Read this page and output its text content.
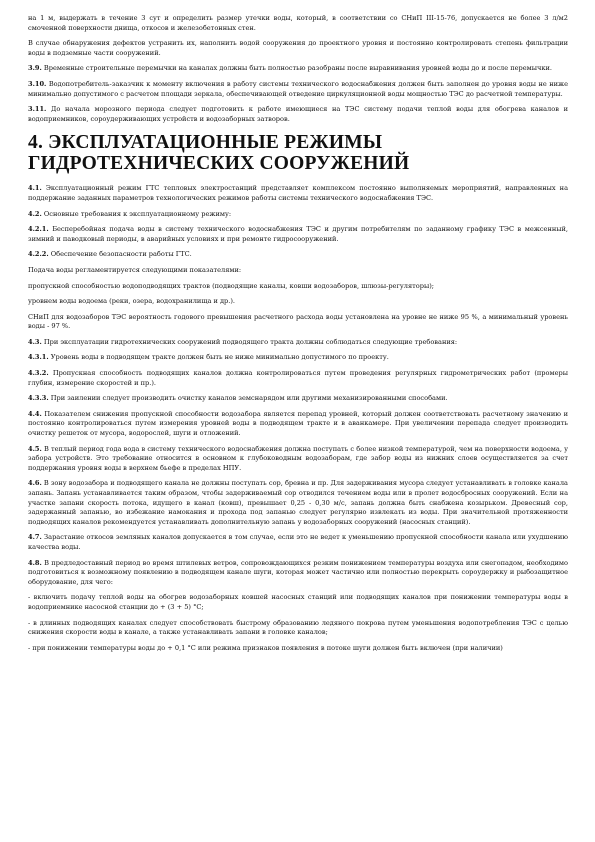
на 1 м, выдержать в течение 3 сут и определить размер утечки воды, который, в соответствии со СНиП III-15-76, допускается не более 3 л/м2 смоченной поверхности днища, откосов и железобетонных стен.

В случае обнаружения дефектов устранить их, наполнить водой сооружения до проектного уровня и постоянно контролировать степень фильтрации воды в подземные части сооружений.

3.9. Временные строительные перемычки на каналах должны быть полностью разобраны после выравнивания уровней воды до и после перемычки.

3.10. Водопотребитель-заказчик к моменту включения в работу системы технического водоснабжения должен быть заполнен до уровня воды не ниже минимально допустимого с расчетом площади зеркала, обеспечивающей отведение циркуляционной воды мощностью ТЭС до расчетной температуры.

3.11. До начала морозного периода следует подготовить к работе имеющиеся на ТЭС систему подачи теплой воды для обогрева каналов и водоприемников, сороудерживающих устройств и водозаборных затворов.

4. ЭКСПЛУАТАЦИОННЫЕ РЕЖИМЫ ГИДРОТЕХНИЧЕСКИХ СООРУЖЕНИЙ

4.1. Эксплуатационный режим ГТС тепловых электростанций представляет комплексом постоянно выполняемых мероприятий, направленных на поддержание заданных параметров технологических режимов работы системы технического водоснабжения ТЭС.

4.2. Основные требования к эксплуатационному режиму:

4.2.1. Бесперебойная подача воды в систему технического водоснабжения ТЭС и другим потребителям по заданному графику ТЭС в межсенный, зимний и паводковый периоды, в аварийных условиях и при ремонте гидросооружений.

4.2.2. Обеспечение безопасности работы ГТС.

Подача воды регламентируется следующими показателями:

пропускной способностью водоподводящих трактов (подводящие каналы, ковши водозаборов, шлюзы-регуляторы);

уровнем воды водоема (реки, озера, водохранилища и др.).

СНиП для водозаборов ТЭС вероятность годового превышения расчетного расхода воды установлена на уровне не ниже 95 %, а минимальный уровень воды - 97 %.

4.3. При эксплуатации гидротехнических сооружений подводящего тракта должны соблюдаться следующие требования:

4.3.1. Уровень воды в подводящем тракте должен быть не ниже минимально допустимого по проекту.

4.3.2. Пропускная способность подводящих каналов должна контролироваться путем проведения регулярных гидрометрических работ (промеры глубин, измерение скоростей и пр.).

4.3.3. При заилении следует производить очистку каналов земснарядом или другими механизированными способами.

4.4. Показателем снижения пропускной способности водозабора является перепад уровней, который должен соответствовать расчетному значению и постоянно контролироваться путем измерения уровней воды в подводящем тракте и в аванкамере. При увеличении перепада следует производить очистку решеток от мусора, водорослей, шуги и отложений.

4.5. В теплый период года вода в систему технического водоснабжения должна поступать с более низкой температурой, чем на поверхности водоема, у забора устройств. Это требование относится в основном к глубоководным водозаборам, где забор воды из нижних слоев осуществляется за счет поддержания уровня воды в верхнем бьефе в пределах НПУ.

4.6. В зону водозабора и подводящего канала не должны поступать сор, бревна и пр. Для задерживания мусора следует устанавливать в головке канала запань. Запань устанавливается таким образом, чтобы задерживаемый сор отводился течением воды или в пролет водосбросных сооружений. Если на участке запани скорость потока, идущего в канал (ковш), превышает 0,25 - 0,30 м/с, запань должна быть снабжена козырьком. Древесный сор, задержанный запанью, во избежание намокания и прохода под запанью следует регулярно извлекать из воды. При значительной протяженности подводящих каналов рекомендуется устанавливать дополнительную запань у водозаборных сооружений (насосных станций).

4.7. Зарастание откосов земляных каналов допускается в том случае, если это не ведет к уменьшению пропускной способности канала или ухудшению качества воды.

4.8. В предледоставный период во время штилевых ветров, сопровождающихся резким понижением температуры воздуха или снегопадом, необходимо подготовиться к возможному появлению в подводящем канале шуги, которая может частично или полностью перекрыть сороудержку и рыбозащитное оборудование, для чего:

- включить подачу теплой воды на обогрев водозаборных ковшей насосных станций или подводящих каналов при понижении температуры воды в водоприемнике насосной станции до + (3 + 5) °С;

- в длинных подводящих каналах следует способствовать быстрому образованию ледяного покрова путем уменьшения водопотребления ТЭС с целью снижения скорости воды в канале, а также устанавливать запани в головке каналов;

- при понижении температуры воды до + 0,1 °С или режима признаков появления в потоке шуги должен быть включен (при наличии)
